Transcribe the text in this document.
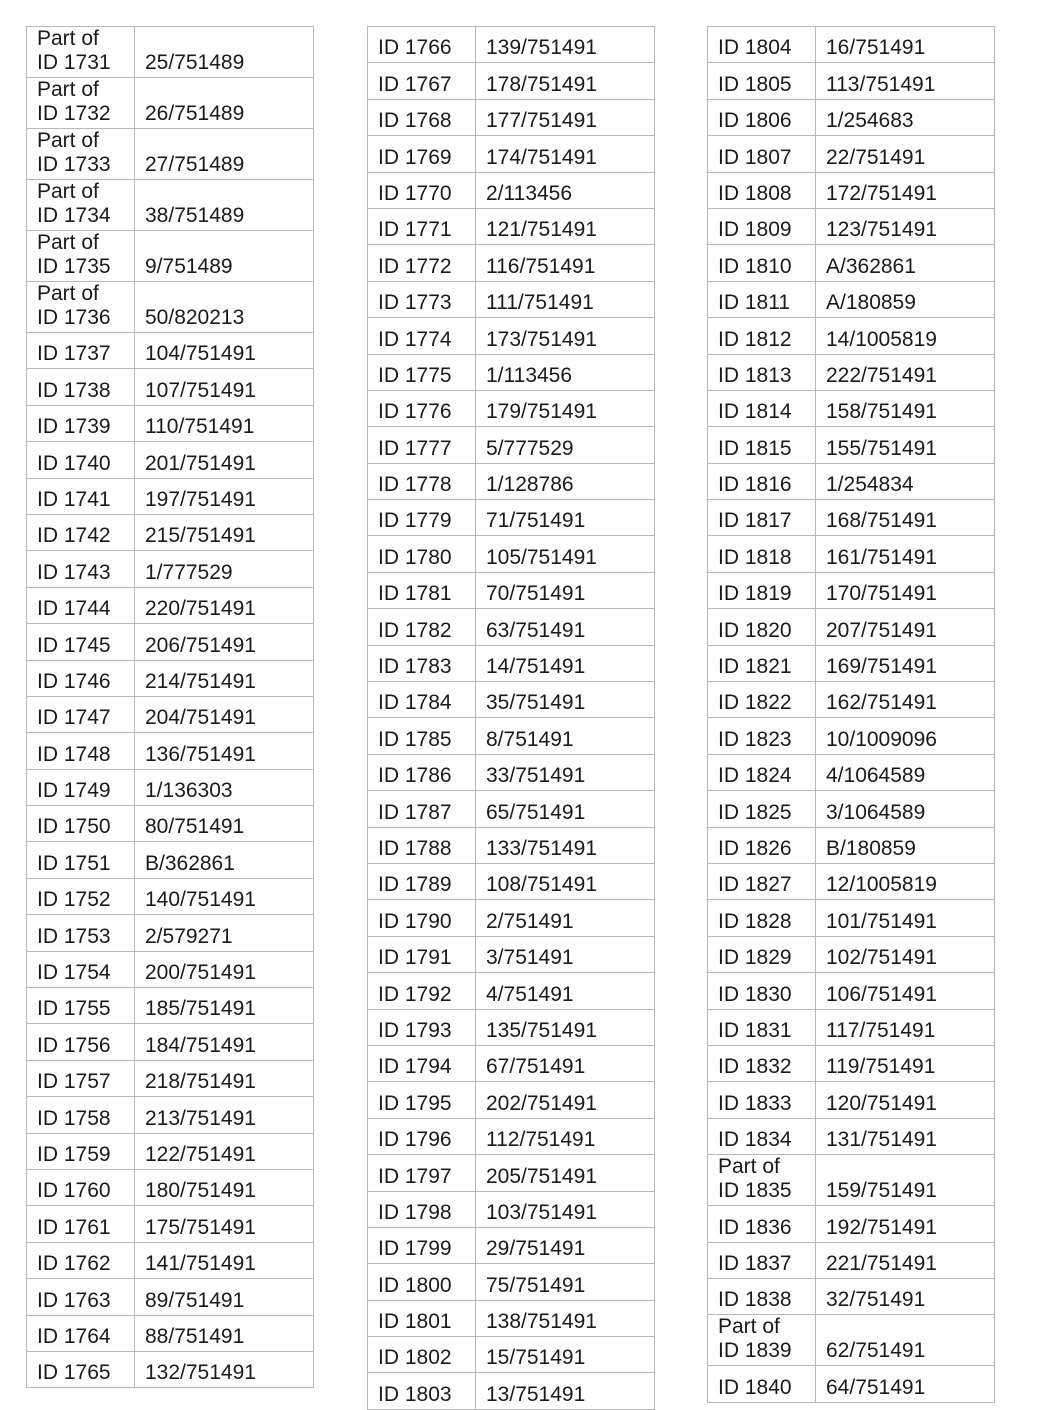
Part of
ID 1731	25/751489

Part of
ID 1732	26/751489

Part of
ID 1733	27/751489

Part of
ID 1734	38/751489

Part of
ID 1735	9/751489

Part of
ID 1736	50/820213
ID 1737	104/751491
ID 1738	107/751491
ID 1739	110/751491
ID 1740	201/751491
ID 1741	197/751491
ID 1742	215/751491
ID 1743	1/777529
ID 1744	220/751491
ID 1745	206/751491
ID 1746	214/751491
ID 1747	204/751491
ID 1748	136/751491
ID 1749	1/136303
ID 1750	80/751491
ID 1751	B/362861
ID 1752	140/751491
ID 1753	2/579271
ID 1754	200/751491
ID 1755	185/751491
ID 1756	184/751491
ID 1757	218/751491
ID 1758	213/751491
ID 1759	122/751491
ID 1760	180/751491
ID 1761	175/751491
ID 1762	141/751491
ID 1763	89/751491
ID 1764	88/751491
ID 1765	132/751491
ID 1766	139/751491
ID 1767	178/751491
ID 1768	177/751491
ID 1769	174/751491
ID 1770	2/113456
ID 1771	121/751491
ID 1772	116/751491
ID 1773	111/751491
ID 1774	173/751491
ID 1775	1/113456
ID 1776	179/751491
ID 1777	5/777529
ID 1778	1/128786
ID 1779	71/751491
ID 1780	105/751491
ID 1781	70/751491
ID 1782	63/751491
ID 1783	14/751491
ID 1784	35/751491
ID 1785	8/751491
ID 1786	33/751491
ID 1787	65/751491
ID 1788	133/751491
ID 1789	108/751491
ID 1790	2/751491
ID 1791	3/751491
ID 1792	4/751491
ID 1793	135/751491
ID 1794	67/751491
ID 1795	202/751491
ID 1796	112/751491
ID 1797	205/751491
ID 1798	103/751491
ID 1799	29/751491
ID 1800	75/751491
ID 1801	138/751491
ID 1802	15/751491
ID 1803	13/751491
ID 1804	16/751491
ID 1805	113/751491
ID 1806	1/254683
ID 1807	22/751491
ID 1808	172/751491
ID 1809	123/751491
ID 1810	A/362861
ID 1811	A/180859
ID 1812	14/1005819
ID 1813	222/751491
ID 1814	158/751491
ID 1815	155/751491
ID 1816	1/254834
ID 1817	168/751491
ID 1818	161/751491
ID 1819	170/751491
ID 1820	207/751491
ID 1821	169/751491
ID 1822	162/751491
ID 1823	10/1009096
ID 1824	4/1064589
ID 1825	3/1064589
ID 1826	B/180859
ID 1827	12/1005819
ID 1828	101/751491
ID 1829	102/751491
ID 1830	106/751491
ID 1831	117/751491
ID 1832	119/751491
ID 1833	120/751491
ID 1834	131/751491

Part of
ID 1835	159/751491
ID 1836	192/751491
ID 1837	221/751491
ID 1838	32/751491

Part of
ID 1839	62/751491
ID 1840	64/751491
